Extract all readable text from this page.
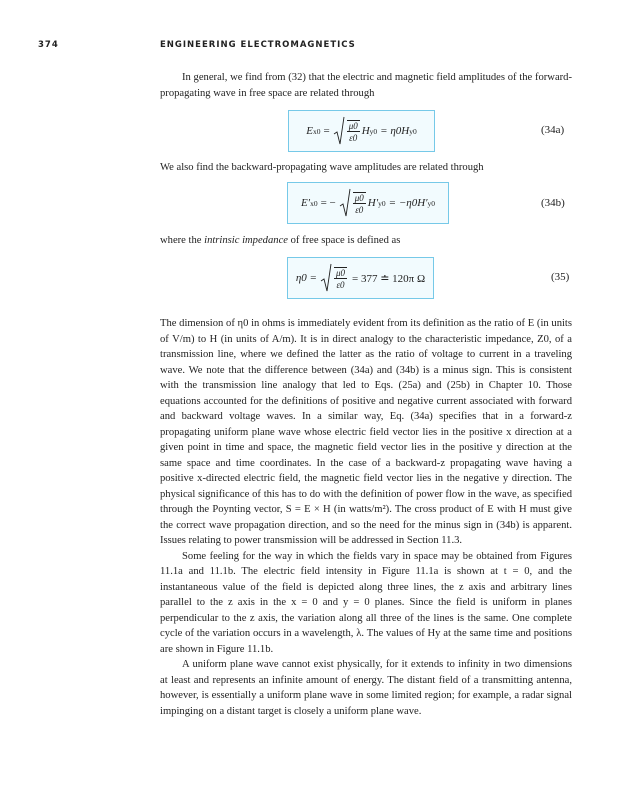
374	ENGINEERING ELECTROMAGNETICS

In general, we find from (32) that the electric and magnetic field amplitudes of the forward-propagating wave in free space are related through

E $x0 = \frac{\mu 0}{\varepsilon 0}$ H y0 = η0H y0	(34a)

We also find the backward-propagating wave amplitudes are related through

E′ x0 = − $\frac{\mu 0}{\varepsilon 0} H'$ y0 = −η0H′ y0	(34b)

where the intrinsic impedance of free space is defined as

$\eta 0 = \frac{\mu 0}{\varepsilon 0} = 377$ ≐ 120π Ω	(35)

The dimension of η0 in ohms is immediately evident from its definition as the ratio of E (in units of V/m) to H (in units of A/m). It is in direct analogy to the characteristic impedance, Z0, of a transmission line, where we defined the latter as the ratio of voltage to current in a traveling wave. We note that the difference between (34a) and (34b) is a minus sign. This is consistent with the transmission line analogy that led to Eqs. (25a) and (25b) in Chapter 10. Those equations accounted for the definitions of positive and negative current associated with forward and backward voltage waves. In a similar way, Eq. (34a) specifies that in a forward-z propagating uniform plane wave whose electric field vector lies in the positive x direction at a given point in time and space, the magnetic field vector lies in the positive y direction at the same space and time coordinates. In the case of a backward-z propagating wave having a positive x-directed electric field, the magnetic field vector lies in the negative y direction. The physical significance of this has to do with the definition of power flow in the wave, as specified through the Poynting vector, S = E × H (in watts/m²). The cross product of E with H must give the correct wave propagation direction, and so the need for the minus sign in (34b) is apparent. Issues relating to power transmission will be addressed in Section 11.3.

Some feeling for the way in which the fields vary in space may be obtained from Figures 11.1a and 11.1b. The electric field intensity in Figure 11.1a is shown at t = 0, and the instantaneous value of the field is depicted along three lines, the z axis and arbitrary lines parallel to the z axis in the x = 0 and y = 0 planes. Since the field is uniform in planes perpendicular to the z axis, the variation along all three of the lines is the same. One complete cycle of the variation occurs in a wavelength, λ. The values of Hy at the same time and positions are shown in Figure 11.1b.

A uniform plane wave cannot exist physically, for it extends to infinity in two dimensions at least and represents an infinite amount of energy. The distant field of a transmitting antenna, however, is essentially a uniform plane wave in some limited region; for example, a radar signal impinging on a distant target is closely a uniform plane wave.
